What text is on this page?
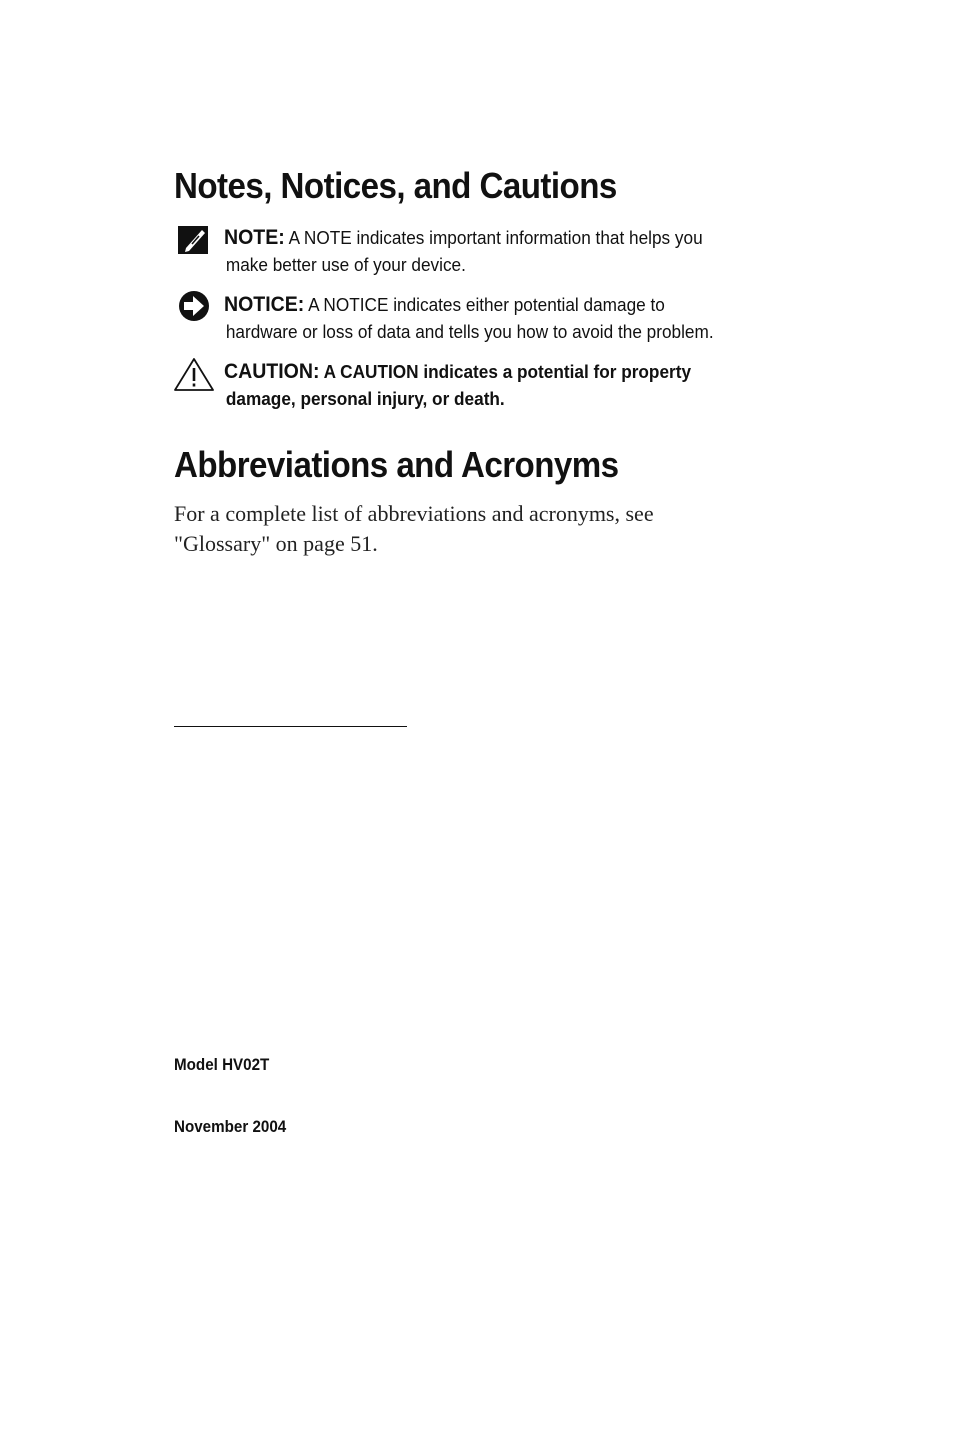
Notes, Notices, and Cautions
NOTE: A NOTE indicates important information that helps you
make better use of your device.
NOTICE: A NOTICE indicates either potential damage to
hardware or loss of data and tells you how to avoid the problem.
CAUTION: A CAUTION indicates a potential for property
damage, personal injury, or death.
Abbreviations and Acronyms
For a complete list of abbreviations and acronyms, see
"Glossary" on page 51.
Model HV02T
November 2004
